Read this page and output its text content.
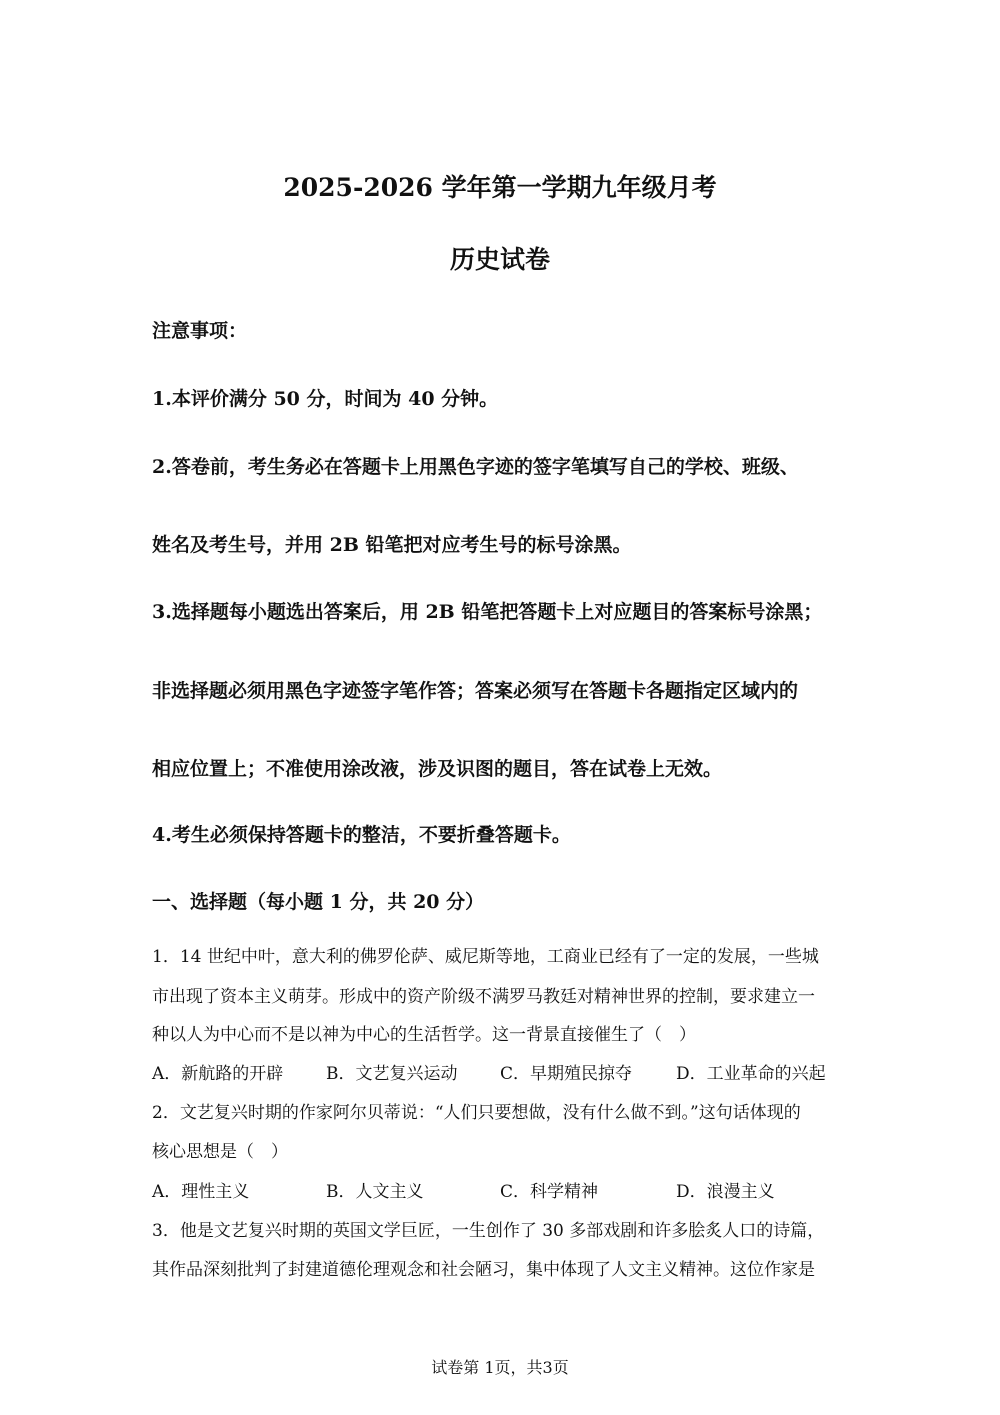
2025-2026 学年第一学期九年级月考
历史试卷
注意事项：
1.本评价满分 50 分，时间为 40 分钟。
2.答卷前，考生务必在答题卡上用黑色字迹的签字笔填写自己的学校、班级、
姓名及考生号，并用 2B 铅笔把对应考生号的标号涂黑。
3.选择题每小题选出答案后，用 2B 铅笔把答题卡上对应题目的答案标号涂黑；
非选择题必须用黑色字迹签字笔作答；答案必须写在答题卡各题指定区域内的
相应位置上；不准使用涂改液，涉及识图的题目，答在试卷上无效。
4.考生必须保持答题卡的整洁，不要折叠答题卡。
一、选择题（每小题 1 分，共 20 分）
1．14 世纪中叶，意大利的佛罗伦萨、威尼斯等地，工商业已经有了一定的发展，一些城
市出现了资本主义萌芽。形成中的资产阶级不满罗马教廷对精神世界的控制，要求建立一
种以人为中心而不是以神为中心的生活哲学。这一背景直接催生了（　）
A．新航路的开辟	B．文艺复兴运动	C．早期殖民掠夺	D．工业革命的兴起
2．文艺复兴时期的作家阿尔贝蒂说：“人们只要想做，没有什么做不到。”这句话体现的
核心思想是（　）
A．理性主义	B．人文主义	C．科学精神	D．浪漫主义
3．他是文艺复兴时期的英国文学巨匠，一生创作了 30 多部戏剧和许多脍炙人口的诗篇，
其作品深刻批判了封建道德伦理观念和社会陋习，集中体现了人文主义精神。这位作家是
试卷第 1页，共3页
